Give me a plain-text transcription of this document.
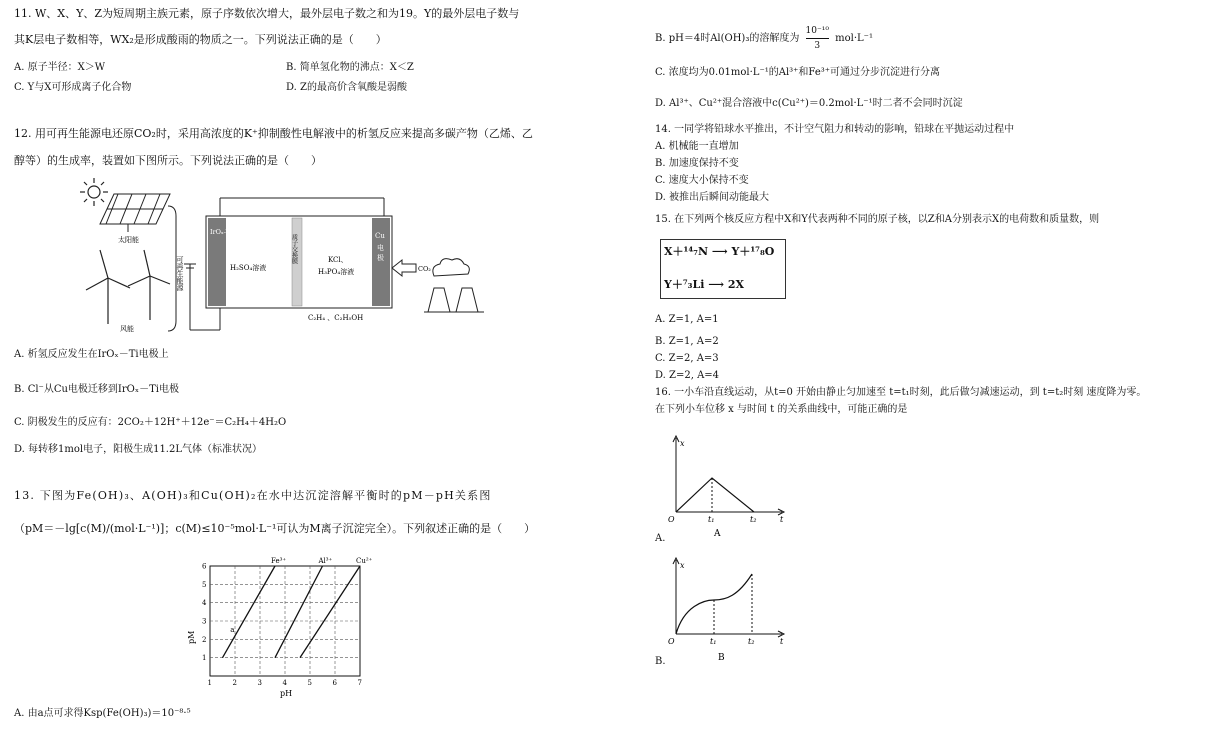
11. W、X、Y、Z为短周期主族元素，原子序数依次增大，最外层电子数之和为19。Y的最外层电子数与
其K层电子数相等，WX₂是形成酸雨的物质之一。下列说法正确的是（　　）
A. 原子半径：X＞W	B. 简单氢化物的沸点：X＜Z
C. Y与X可形成离子化合物	D. Z的最高价含氧酸是弱酸
12. 用可再生能源电还原CO₂时，采用高浓度的K⁺抑制酸性电解液中的析氢反应来提高多碳产物（乙烯、乙
醇等）的生成率，装置如下图所示。下列说法正确的是（　　）
太阳能
风能
可再生能源
IrOₓ-Ti电极
H₂SO₄溶液
质子交换膜	KCl、
H₃PO₄溶液
Cu
电
极
C₂H₄ 、C₂H₅OH
CO₂
A. 析氢反应发生在IrOₓ－Ti电极上
B. Cl⁻从Cu电极迁移到IrOₓ－Ti电极
C. 阴极发生的反应有：2CO₂＋12H⁺＋12e⁻＝C₂H₄＋4H₂O
D. 每转移1mol电子，阳极生成11.2L气体（标准状况）
13. 下图为Fe(OH)₃、A(OH)₃和Cu(OH)₂在水中达沉淀溶解平衡时的pM－pH关系图
（pM＝－lg[c(M)/(mol·L⁻¹)]；c(M)≤10⁻⁵mol·L⁻¹可认为M离子沉淀完全）。下列叙述正确的是（　　）
Fe³⁺	Al³⁺	Cu²⁺
a
1	2	3	4	5	6	7
1
2
3
4
5
6
pM
pH
A. 由a点可求得Ksp(Fe(OH)₃)＝10⁻⁸·⁵
B. pH＝4时Al(OH)₃的溶解度为 $\frac{\text{10⁻¹⁰}}{3} mol\cdot L^{-1}$
C. 浓度均为0.01mol·L⁻¹的Al³⁺和Fe³⁺可通过分步沉淀进行分离
D. Al³⁺、Cu²⁺混合溶液中c(Cu²⁺)＝0.2mol·L⁻¹时二者不会同时沉淀
14. 一同学将铅球水平推出，不计空气阻力和转动的影响，铅球在平抛运动过程中
A. 机械能一直增加
B. 加速度保持不变
C. 速度大小保持不变
D. 被推出后瞬间动能最大
15. 在下列两个核反应方程中X和Y代表两种不同的原子核，以Z和A分别表示X的电荷数和质量数，则
X＋¹⁴₇N ⟶ Y＋¹⁷₈O
Y＋⁷₃Li ⟶ 2X
A. Z=1, A=1
B. Z=1, A=2
C. Z=2, A=3
D. Z=2, A=4
16. 一小车沿直线运动，从t=0 开始由静止匀加速至 t=t₁时刻，此后做匀减速运动，到 t=t₂时刻 速度降为零。
在下列小车位移 x 与时间 t 的关系曲线中，可能正确的是
x
O	t₁	t₂	t
A
A.
x
O	t₁	t₂	t
B
B.
